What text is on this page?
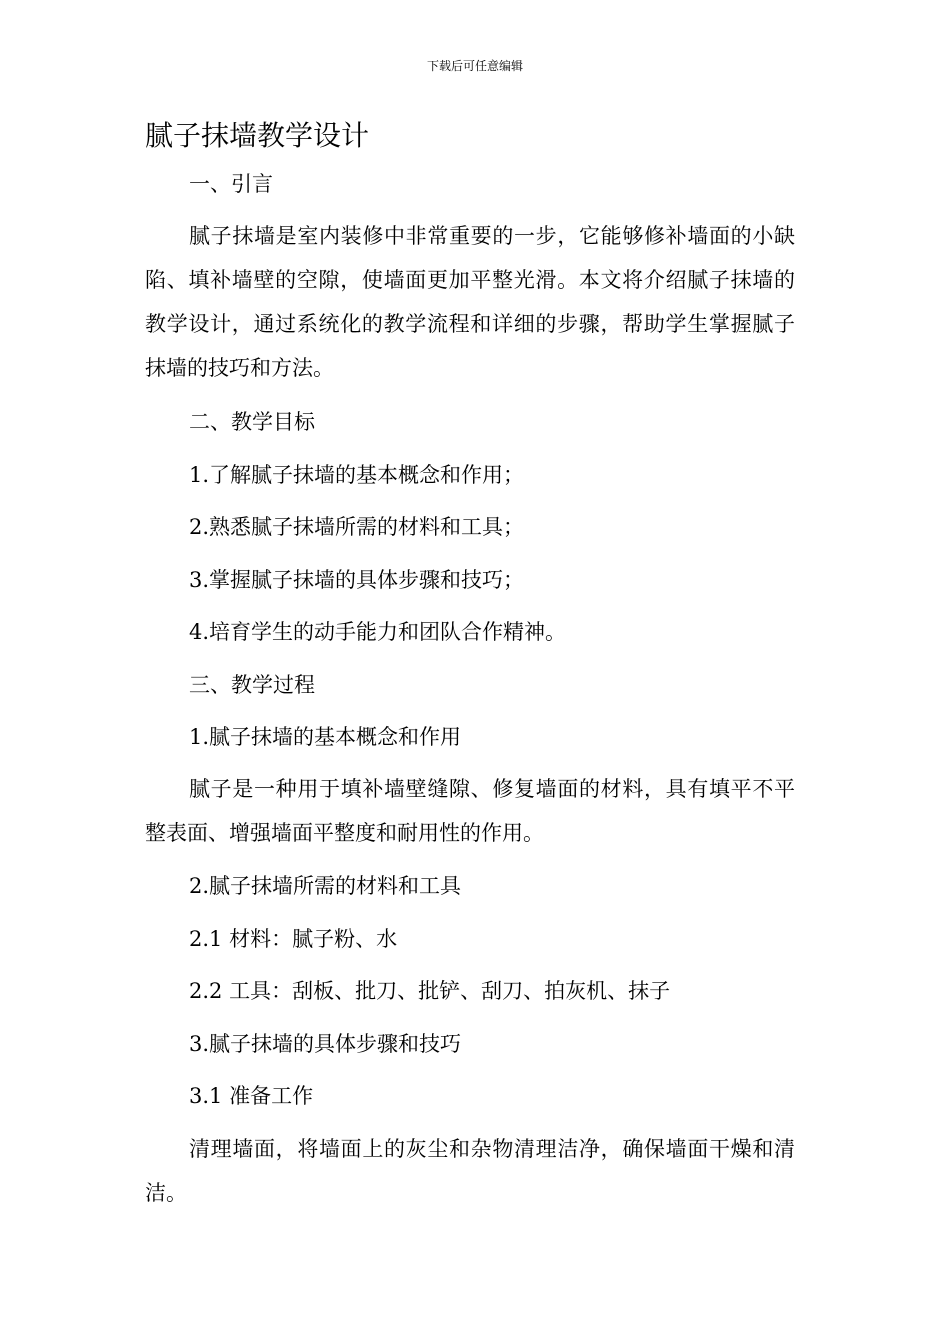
下载后可任意编辑
腻子抹墙教学设计

一、引言

腻子抹墙是室内装修中非常重要的一步，它能够修补墙面的小缺陷、填补墙壁的空隙，使墙面更加平整光滑。本文将介绍腻子抹墙的教学设计，通过系统化的教学流程和详细的步骤，帮助学生掌握腻子抹墙的技巧和方法。

二、教学目标

1.了解腻子抹墙的基本概念和作用；

2.熟悉腻子抹墙所需的材料和工具；

3.掌握腻子抹墙的具体步骤和技巧；

4.培育学生的动手能力和团队合作精神。

三、教学过程

1.腻子抹墙的基本概念和作用

腻子是一种用于填补墙壁缝隙、修复墙面的材料，具有填平不平整表面、增强墙面平整度和耐用性的作用。

2.腻子抹墙所需的材料和工具

2.1 材料：腻子粉、水

2.2 工具：刮板、批刀、批铲、刮刀、拍灰机、抹子

3.腻子抹墙的具体步骤和技巧

3.1 准备工作

清理墙面，将墙面上的灰尘和杂物清理洁净，确保墙面干燥和清洁。
